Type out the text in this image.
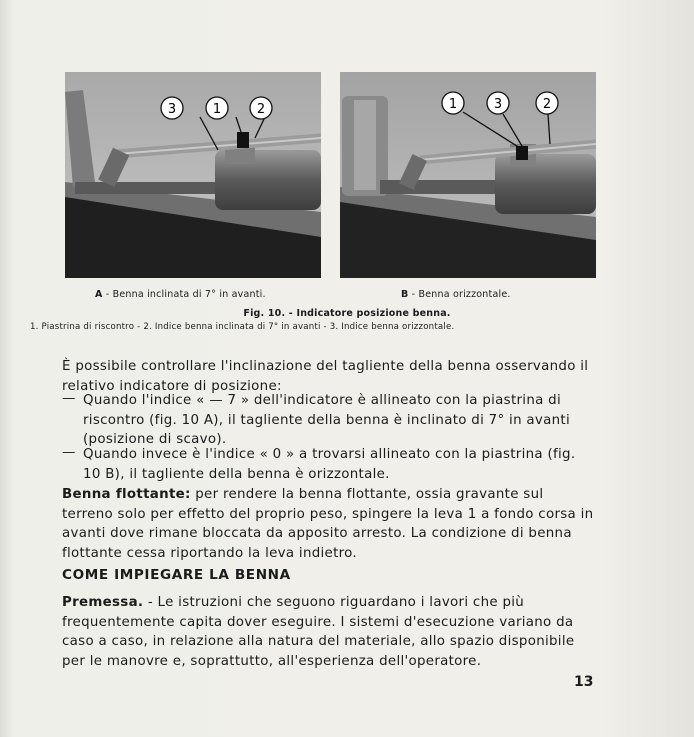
3	1	2	1	3	2
A - Benna inclinata di 7° in avanti.	B - Benna orizzontale.
Fig. 10. - Indicatore posizione benna.
1. Piastrina di riscontro - 2. Indice benna inclinata di 7° in avanti - 3. Indice benna orizzontale.
È possibile controllare l'inclinazione del tagliente della benna osservando il relativo indicatore di posizione:
— Quando l'indice « — 7 » dell'indicatore è allineato con la piastrina di riscontro (fig. 10 A), il tagliente della benna è inclinato di 7° in avanti (posizione di scavo).
— Quando invece è l'indice « 0 » a trovarsi allineato con la piastrina (fig. 10 B), il tagliente della benna è orizzontale.
Benna flottante: per rendere la benna flottante, ossia gravante sul terreno solo per effetto del proprio peso, spingere la leva 1 a fondo corsa in avanti dove rimane bloccata da apposito arresto. La condizione di benna flottante cessa riportando la leva indietro.
COME IMPIEGARE LA BENNA
Premessa. - Le istruzioni che seguono riguardano i lavori che più frequentemente capita dover eseguire. I sistemi d'esecuzione variano da caso a caso, in relazione alla natura del materiale, allo spazio disponibile per le manovre e, soprattutto, all'esperienza dell'operatore.
13
